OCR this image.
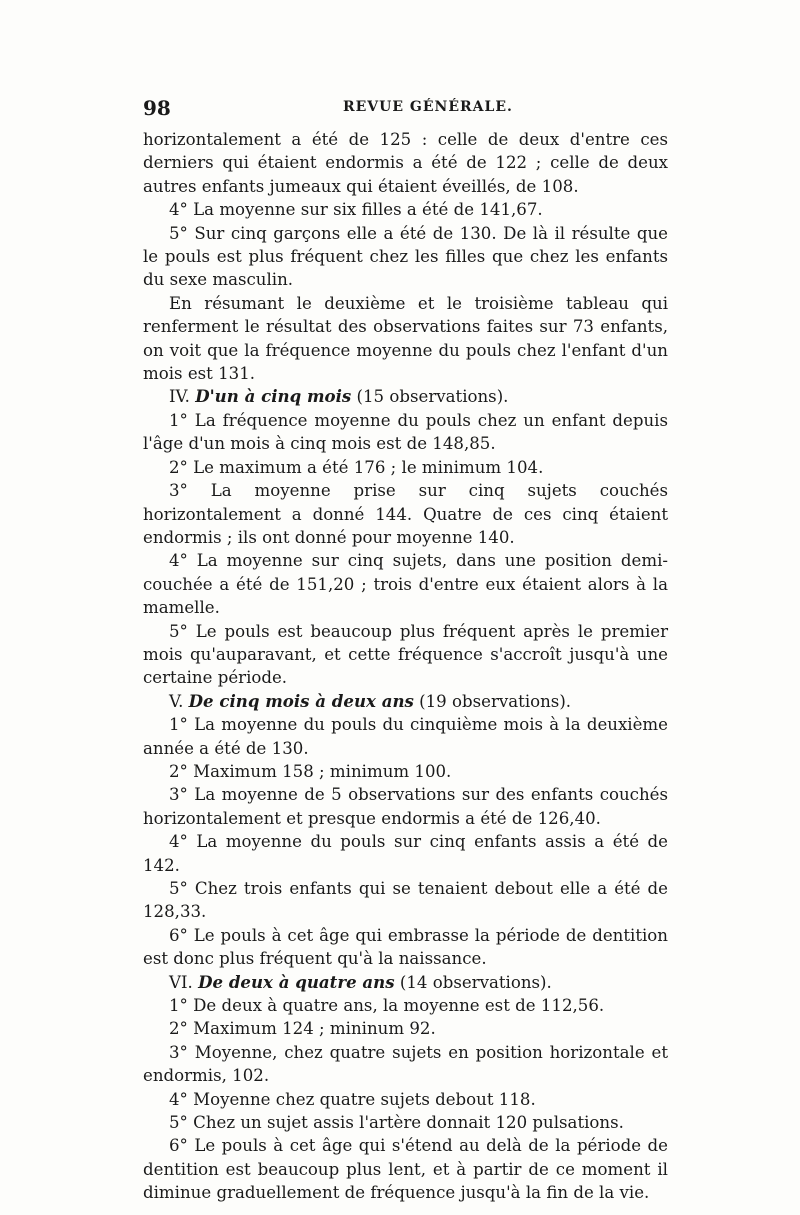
98	REVUE GÉNÉRALE.

horizontalement a été de 125 : celle de deux d'entre ces derniers qui étaient endormis a été de 122 ; celle de deux autres enfants jumeaux qui étaient éveillés, de 108.

4° La moyenne sur six filles a été de 141,67.

5° Sur cinq garçons elle a été de 130. De là il résulte que le pouls est plus fréquent chez les filles que chez les enfants du sexe masculin.

En résumant le deuxième et le troisième tableau qui renferment le résultat des observations faites sur 73 enfants, on voit que la fréquence moyenne du pouls chez l'enfant d'un mois est 131.

IV. D'un à cinq mois (15 observations).

1° La fréquence moyenne du pouls chez un enfant depuis l'âge d'un mois à cinq mois est de 148,85.

2° Le maximum a été 176 ; le minimum 104.

3° La moyenne prise sur cinq sujets couchés horizontalement a donné 144. Quatre de ces cinq étaient endormis ; ils ont donné pour moyenne 140.

4° La moyenne sur cinq sujets, dans une position demi-couchée a été de 151,20 ; trois d'entre eux étaient alors à la mamelle.

5° Le pouls est beaucoup plus fréquent après le premier mois qu'auparavant, et cette fréquence s'accroît jusqu'à une certaine période.

V. De cinq mois à deux ans (19 observations).

1° La moyenne du pouls du cinquième mois à la deuxième année a été de 130.

2° Maximum 158 ; minimum 100.

3° La moyenne de 5 observations sur des enfants couchés horizontalement et presque endormis a été de 126,40.

4° La moyenne du pouls sur cinq enfants assis a été de 142.

5° Chez trois enfants qui se tenaient debout elle a été de 128,33.

6° Le pouls à cet âge qui embrasse la période de dentition est donc plus fréquent qu'à la naissance.

VI. De deux à quatre ans (14 observations).

1° De deux à quatre ans, la moyenne est de 112,56.

2° Maximum 124 ; mininum 92.

3° Moyenne, chez quatre sujets en position horizontale et endormis, 102.

4° Moyenne chez quatre sujets debout 118.

5° Chez un sujet assis l'artère donnait 120 pulsations.

6° Le pouls à cet âge qui s'étend au delà de la période de dentition est beaucoup plus lent, et à partir de ce moment il diminue graduellement de fréquence jusqu'à la fin de la vie.
